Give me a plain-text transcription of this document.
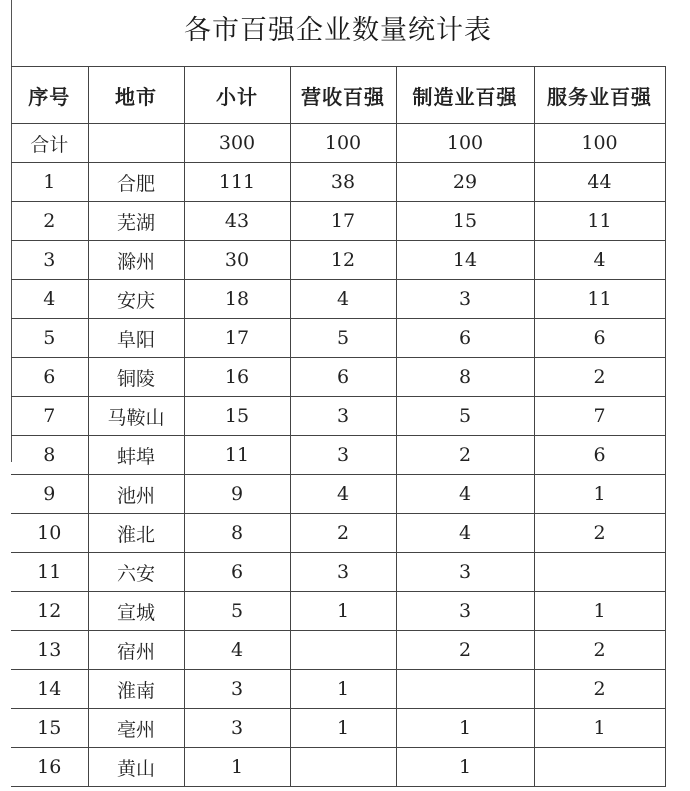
各市百强企业数量统计表
序号	地市	小计	营收百强	制造业百强	服务业百强
合计		300	100	100	100
1	合肥	111	38	29	44
2	芜湖	43	17	15	11
3	滁州	30	12	14	4
4	安庆	18	4	3	11
5	阜阳	17	5	6	6
6	铜陵	16	6	8	2
7	马鞍山	15	3	5	7
8	蚌埠	11	3	2	6
9	池州	9	4	4	1
10	淮北	8	2	4	2
11	六安	6	3	3	
12	宣城	5	1	3	1
13	宿州	4		2	2
14	淮南	3	1		2
15	亳州	3	1	1	1
16	黄山	1		1	
